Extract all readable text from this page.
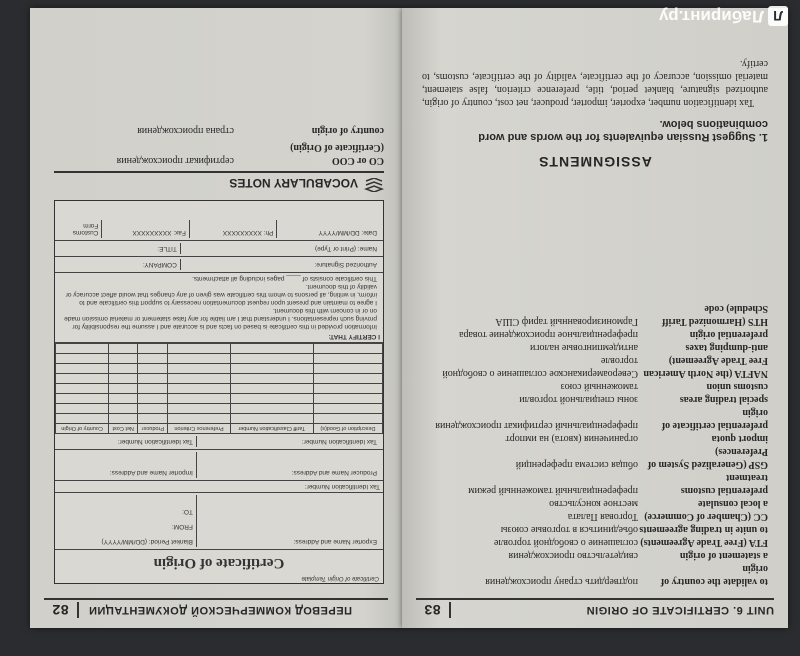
82	ПЕРЕВОД КОММЕРЧЕСКОЙ ДОКУМЕНТАЦИИ
Certificate of Origin Template
Certificate of Origin
Exporter Name and Address:
Blanket Period: (DD/MM/YYYY)
FROM:
TO:
Tax Identification Number:
Producer Name and Address:
Importer Name and Address:
Tax Identification Number:
Tax Identification Number:
Description of Good(s)	Tariff Classification Number	Preference Criterion	Producer	Net Cost	Country of Origin

I CERTIFY THAT:
Information provided in this certificate is based on facts and is accurate and I assume the responsibility for proving such representations. I understand that I am liable for any false statement or material omission made on or in concern with this document.
I agree to maintain and present upon request documentation necessary to support this certificate and to inform, in writing, all persons to whom this certificate was given of any changes that would affect accuracy or validity of this document.
This certificate consists of ____ pages including all attachments.
Authorized Signature:
COMPANY:
Name: (Print or Type)
TITLE:
Date: DD/MM/YYYY
Ph: XXXXXXXXX
Fax: XXXXXXXXX
Customs Form
VOCABULARY NOTES
CO or COO
сертификат происхождения
(Certificate of Origin)
country of origin
страна происхождения
UNIT 6. CERTIFICATE OF ORIGIN
83
to validate the country of origin
подтвердить страну происхождения
a statement of origin
свидетельство происхождения
FTA (Free Trade Agreements)
соглашение о свободной торговле
to unite in trading agreements
объединиться в торговые союзы
CC (Chamber of Commerce)
Торговая Палата
a local consulate
местное консульство
preferential customs treatment
преференциальный таможенный режим
GSP (Generalized System of Preferences)
общая система преференций
import quota
ограничения (квота) на импорт
preferential certificate of origin
преференциальный сертификат происхождения
special trading areas
зоны специальной торговли
customs union
таможенный союз
NAFTA (the North American Free Trade Agreement)
Североамериканское соглашение о свободной торговле
anti-dumping taxes
антидемпинговые налоги
preferential origin
преференциальное происхождение товара
HTS (Harmonized Tariff Schedule) code
Гармонизированный тариф США
ASSIGNMENTS
1. Suggest Russian equivalents for the words and word combinations below.
Tax identification number, exporter, importer, producer, net cost, country of origin, authorized signature, blanket period, title, preference criterion, false statement, material omission, accuracy of the certificate, validity of the certificate, customs, to certify.
Л
Лабиринт.ру
